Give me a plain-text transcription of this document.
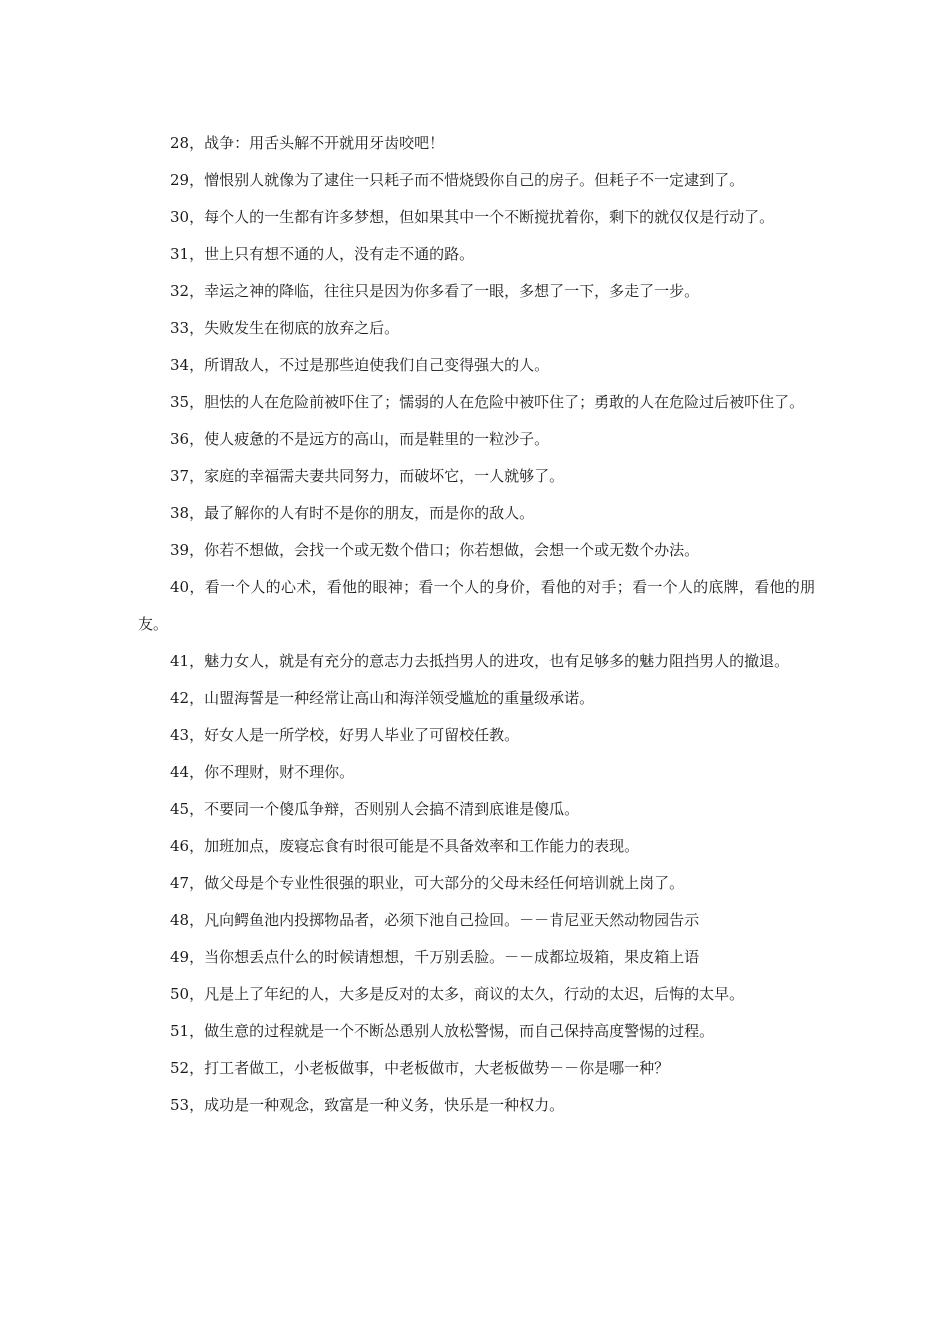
28，战争：用舌头解不开就用牙齿咬吧！

29，憎恨别人就像为了逮住一只耗子而不惜烧毁你自己的房子。但耗子不一定逮到了。

30，每个人的一生都有许多梦想，但如果其中一个不断搅扰着你，剩下的就仅仅是行动了。

31，世上只有想不通的人，没有走不通的路。

32，幸运之神的降临，往往只是因为你多看了一眼，多想了一下，多走了一步。

33，失败发生在彻底的放弃之后。

34，所谓敌人，不过是那些迫使我们自己变得强大的人。

35，胆怯的人在危险前被吓住了；懦弱的人在危险中被吓住了；勇敢的人在危险过后被吓住了。

36，使人疲惫的不是远方的高山，而是鞋里的一粒沙子。

37，家庭的幸福需夫妻共同努力，而破坏它，一人就够了。

38，最了解你的人有时不是你的朋友，而是你的敌人。

39，你若不想做，会找一个或无数个借口；你若想做，会想一个或无数个办法。

40，看一个人的心术，看他的眼神；看一个人的身价，看他的对手；看一个人的底牌，看他的朋友。

41，魅力女人，就是有充分的意志力去抵挡男人的进攻，也有足够多的魅力阻挡男人的撤退。

42，山盟海誓是一种经常让高山和海洋领受尴尬的重量级承诺。

43，好女人是一所学校，好男人毕业了可留校任教。

44，你不理财，财不理你。

45，不要同一个傻瓜争辩，否则别人会搞不清到底谁是傻瓜。

46，加班加点，废寝忘食有时很可能是不具备效率和工作能力的表现。

47，做父母是个专业性很强的职业，可大部分的父母未经任何培训就上岗了。

48，凡向鳄鱼池内投掷物品者，必须下池自己捡回。－－肯尼亚天然动物园告示

49，当你想丢点什么的时候请想想，千万别丢脸。－－成都垃圾箱，果皮箱上语

50，凡是上了年纪的人，大多是反对的太多，商议的太久，行动的太迟，后悔的太早。

51，做生意的过程就是一个不断怂恿别人放松警惕，而自己保持高度警惕的过程。

52，打工者做工，小老板做事，中老板做市，大老板做势－－你是哪一种？

53，成功是一种观念，致富是一种义务，快乐是一种权力。
